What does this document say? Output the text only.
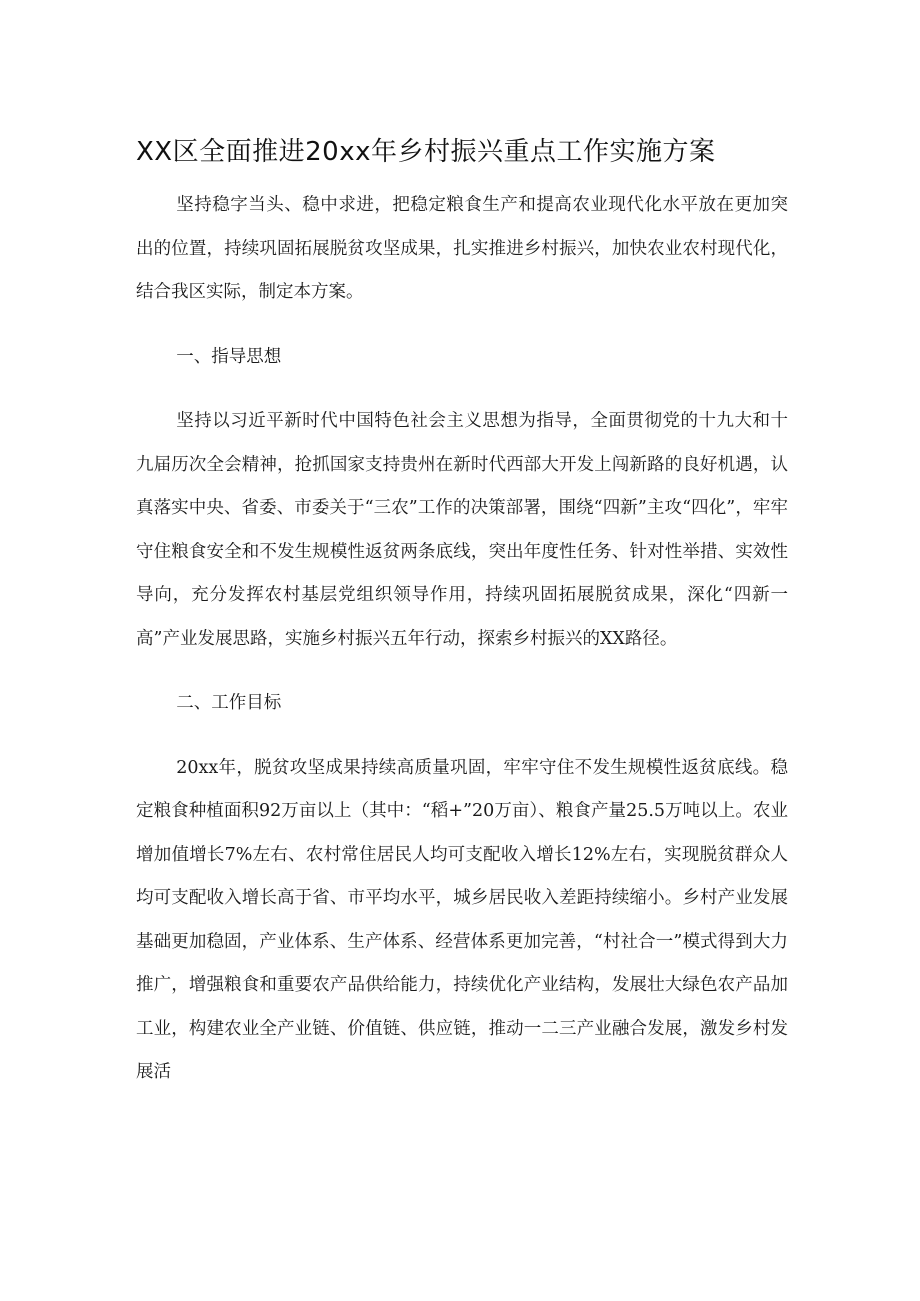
XX区全面推进20xx年乡村振兴重点工作实施方案

坚持稳字当头、稳中求进，把稳定粮食生产和提高农业现代化水平放在更加突出的位置，持续巩固拓展脱贫攻坚成果，扎实推进乡村振兴，加快农业农村现代化，结合我区实际，制定本方案。

一、指导思想

坚持以习近平新时代中国特色社会主义思想为指导，全面贯彻党的十九大和十九届历次全会精神，抢抓国家支持贵州在新时代西部大开发上闯新路的良好机遇，认真落实中央、省委、市委关于“三农”工作的决策部署，围绕“四新”主攻“四化”，牢牢守住粮食安全和不发生规模性返贫两条底线，突出年度性任务、针对性举措、实效性导向，充分发挥农村基层党组织领导作用，持续巩固拓展脱贫成果，深化“四新一高”产业发展思路，实施乡村振兴五年行动，探索乡村振兴的XX路径。

二、工作目标

20xx年，脱贫攻坚成果持续高质量巩固，牢牢守住不发生规模性返贫底线。稳定粮食种植面积92万亩以上（其中：“稻+”20万亩）、粮食产量25.5万吨以上。农业增加值增长7%左右、农村常住居民人均可支配收入增长12%左右，实现脱贫群众人均可支配收入增长高于省、市平均水平，城乡居民收入差距持续缩小。乡村产业发展基础更加稳固，产业体系、生产体系、经营体系更加完善，“村社合一”模式得到大力推广，增强粮食和重要农产品供给能力，持续优化产业结构，发展壮大绿色农产品加工业，构建农业全产业链、价值链、供应链，推动一二三产业融合发展，激发乡村发展活
